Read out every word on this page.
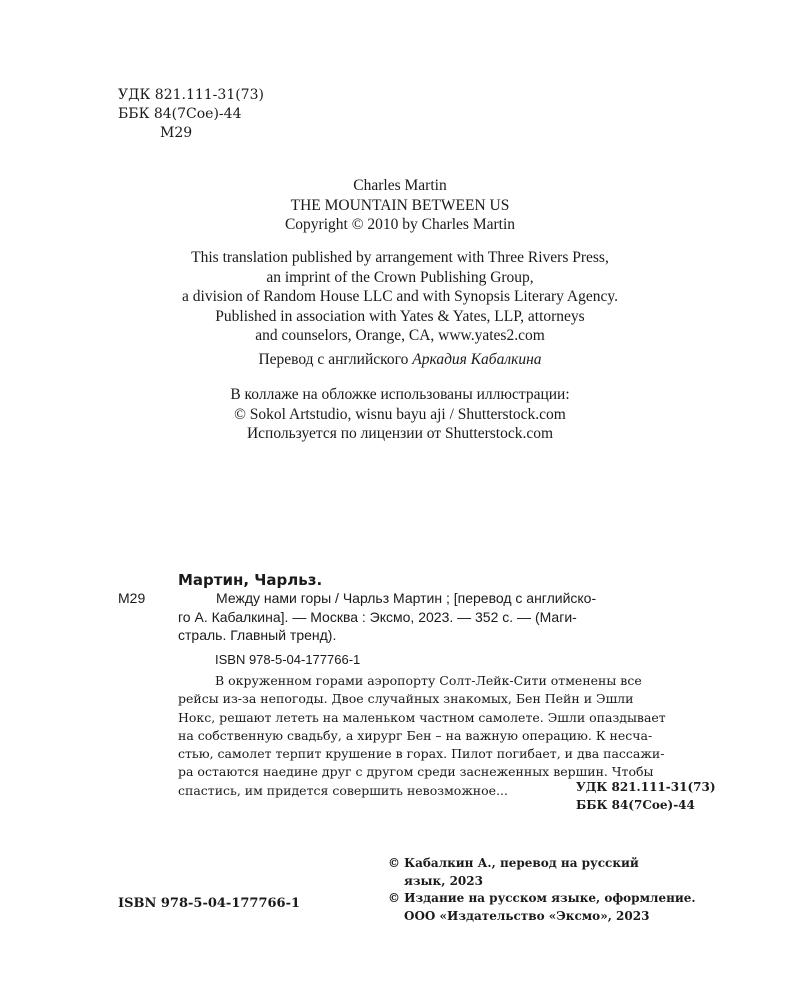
УДК 821.111-31(73)
ББК 84(7Сое)-44
М29
Charles Martin
THE MOUNTAIN BETWEEN US
Copyright © 2010 by Charles Martin
This translation published by arrangement with Three Rivers Press,
an imprint of the Crown Publishing Group,
a division of Random House LLC and with Synopsis Literary Agency.
Published in association with Yates & Yates, LLP, attorneys
and counselors, Orange, CA, www.yates2.com
Перевод с английского Аркадия Кабалкина
В коллаже на обложке использованы иллюстрации:
© Sokol Artstudio, wisnu bayu aji / Shutterstock.com
Используется по лицензии от Shutterstock.com
Мартин, Чарльз.
М29	Между нами горы / Чарльз Мартин ; [перевод с английско-
го А. Кабалкина]. — Москва : Эксмо, 2023. — 352 с. — (Маги-
страль. Главный тренд).
ISBN 978-5-04-177766-1
В окруженном горами аэропорту Солт-Лейк-Сити отменены все
рейсы из-за непогоды. Двое случайных знакомых, Бен Пейн и Эшли
Нокс, решают лететь на маленьком частном самолете. Эшли опаздывает
на собственную свадьбу, а хирург Бен – на важную операцию. К несча-
стью, самолет терпит крушение в горах. Пилот погибает, и два пассажи-
ра остаются наедине друг с другом среди заснеженных вершин. Чтобы
спастись, им придется совершить невозможное...	УДК 821.111-31(73)
ББК 84(7Сое)-44
© Кабалкин А., перевод на русский
язык, 2023
© Издание на русском языке, оформление.
ООО «Издательство «Эксмо», 2023
ISBN 978-5-04-177766-1
